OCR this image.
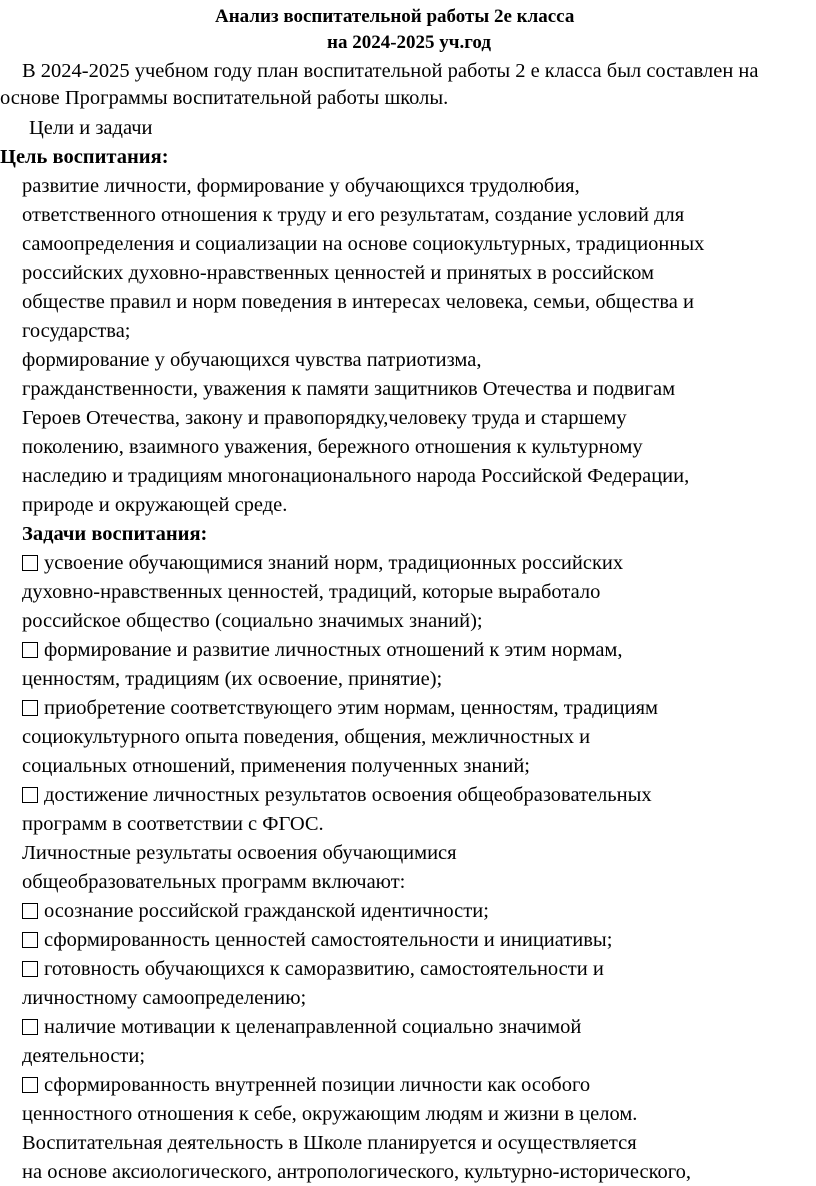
Анализ воспитательной работы 2е класса
на 2024-2025 уч.год
В 2024-2025 учебном году план воспитательной работы 2 е класса был составлен на
основе Программы воспитательной работы школы.
Цели и задачи
Цель воспитания:
развитие личности, формирование у обучающихся трудолюбия,
ответственного отношения к труду и его результатам, создание условий для
самоопределения и социализации на основе социокультурных, традиционных
российских духовно-нравственных ценностей и принятых в российском
обществе правил и норм поведения в интересах человека, семьи, общества и
государства;
формирование у обучающихся чувства патриотизма,
гражданственности, уважения к памяти защитников Отечества и подвигам
Героев Отечества, закону и правопорядку,человеку труда и старшему
поколению, взаимного уважения, бережного отношения к культурному
наследию и традициям многонационального народа Российской Федерации,
природе и окружающей среде.
Задачи воспитания:
усвоение обучающимися знаний норм, традиционных российских
духовно-нравственных ценностей, традиций, которые выработало
российское общество (социально значимых знаний);
формирование и развитие личностных отношений к этим нормам,
ценностям, традициям (их освоение, принятие);
приобретение соответствующего этим нормам, ценностям, традициям
социокультурного опыта поведения, общения, межличностных и
социальных отношений, применения полученных знаний;
достижение личностных результатов освоения общеобразовательных
программ в соответствии с ФГОС.
Личностные результаты освоения обучающимися
общеобразовательных программ включают:
осознание российской гражданской идентичности;
сформированность ценностей самостоятельности и инициативы;
готовность обучающихся к саморазвитию, самостоятельности и
личностному самоопределению;
наличие мотивации к целенаправленной социально значимой
деятельности;
сформированность внутренней позиции личности как особого
ценностного отношения к себе, окружающим людям и жизни в целом.
Воспитательная деятельность в Школе планируется и осуществляется
на основе аксиологического, антропологического, культурно-исторического,
